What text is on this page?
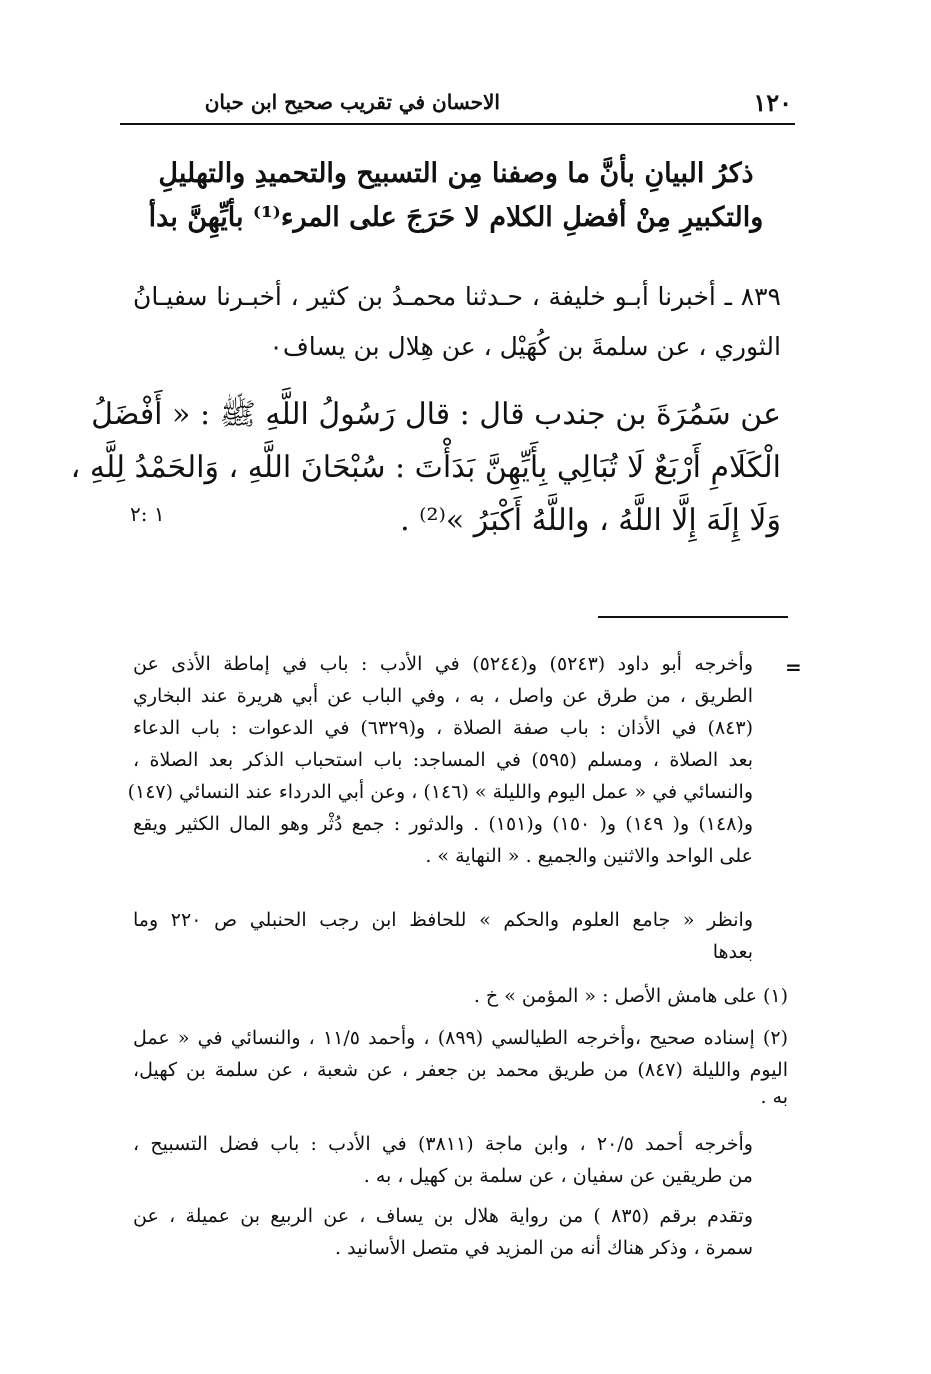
١٢٠
الاحسان في تقريب صحيح ابن حبان
ذكرُ البيانِ بأنَّ ما وصفنا مِن التسبيح والتحميدِ والتهليلِ
والتكبيرِ مِنْ أفضلِ الكلام لا حَرَجَ على المرء⁽¹⁾ بأيِّهِنَّ بدأ
٨٣٩ ـ أخبرنا أبـو خليفة ، حـدثنا محمـدُ بن كثير ، أخبـرنا سفيـانُ
الثوري ، عن سلمةَ بن كُهَيْل ، عن هِلال بن يساف٠
عن سَمُرَةَ بن جندب قال : قال رَسُولُ اللَّهِ ﷺ : « أَفْضَلُ
الْكَلَامِ أَرْبَعٌ لَا تُبَالِي بِأَيِّهِنَّ بَدَأْتَ : سُبْحَانَ اللَّهِ ، وَالحَمْدُ لِلَّهِ ،
وَلَا إِلَهَ إِلَّا اللَّهُ ، واللَّهُ أَكْبَرُ »⁽²⁾ .
١ :٢
=
وأخرجه أبو داود (٥٢٤٣) و(٥٢٤٤) في الأدب : باب في إماطة الأذى عن
الطريق ، من طرق عن واصل ، به ، وفي الباب عن أبي هريرة عند البخاري
(٨٤٣) في الأذان : باب صفة الصلاة ، و(٦٣٢٩) في الدعوات : باب الدعاء
بعد الصلاة ، ومسلم (٥٩٥) في المساجد: باب استحباب الذكر بعد الصلاة ،
والنسائي في « عمل اليوم والليلة » (١٤٦) ، وعن أبي الدرداء عند النسائي (١٤٧)
و(١٤٨) و( ١٤٩) و( ١٥٠) و(١٥١) . والدثور : جمع دُثْر وهو المال الكثير ويقع
على الواحد والاثنين والجميع . « النهاية » .
وانظر « جامع العلوم والحكم » للحافظ ابن رجب الحنبلي ص ٢٢٠ وما
بعدها
(١) على هامش الأصل : « المؤمن » خ .
(٢) إسناده صحيح ،وأخرجه الطيالسي (٨٩٩) ، وأحمد ١١/٥ ، والنسائي في « عمل
اليوم والليلة (٨٤٧) من طريق محمد بن جعفر ، عن شعبة ، عن سلمة بن كهيل،
به .
وأخرجه أحمد ٢٠/٥ ، وابن ماجة (٣٨١١) في الأدب : باب فضل التسبيح ،
من طريقين عن سفيان ، عن سلمة بن كهيل ، به .
وتقدم برقم (٨٣٥ ) من رواية هلال بن يساف ، عن الربيع بن عميلة ، عن
سمرة ، وذكر هناك أنه من المزيد في متصل الأسانيد .
